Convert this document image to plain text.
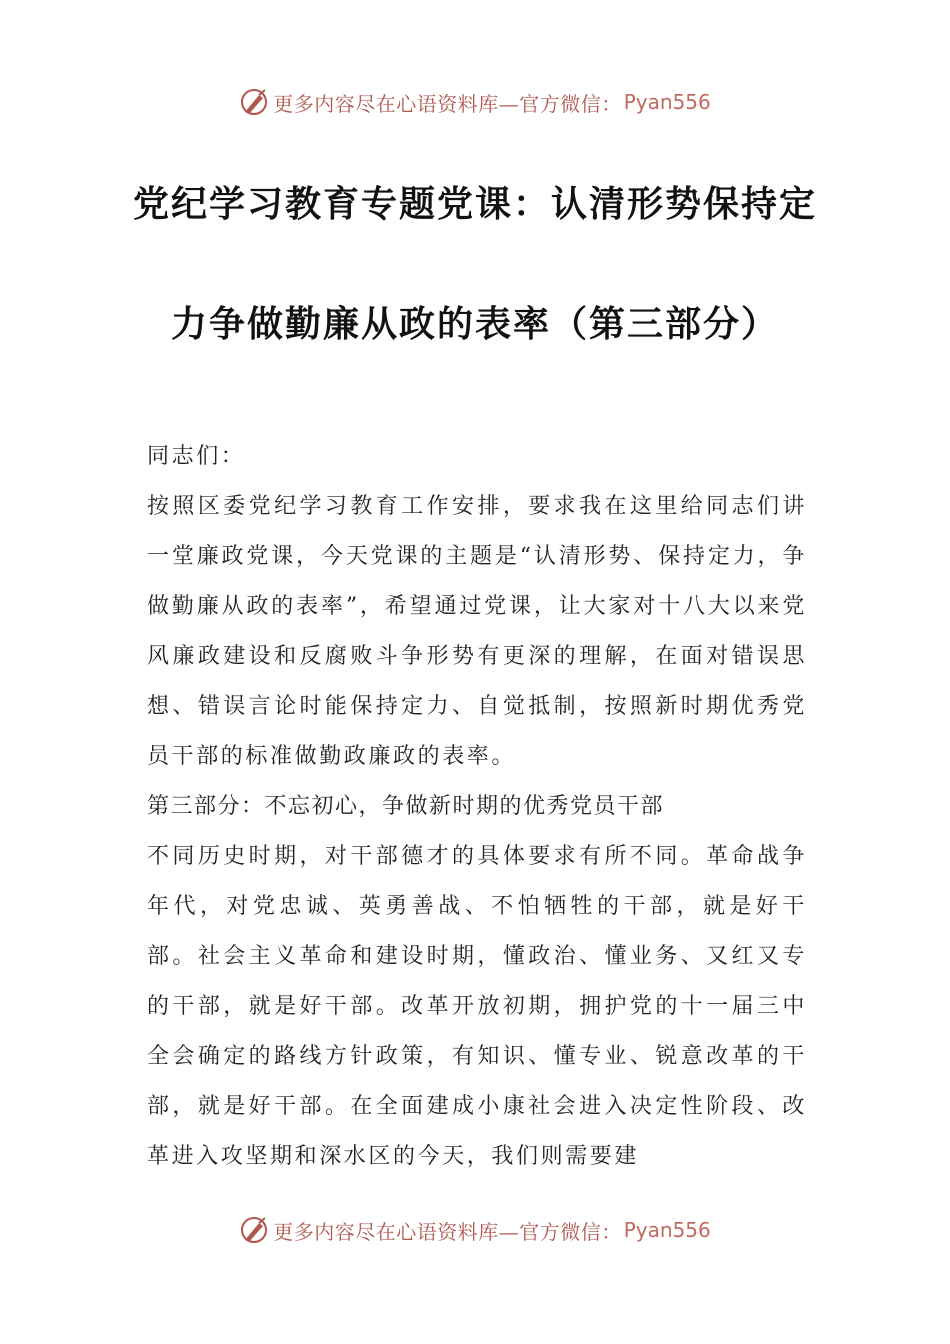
更多内容尽在心语资料库—官方微信： Pyan556
党纪学习教育专题党课：认清形势保持定
力争做勤廉从政的表率（第三部分）

同志们：

按照区委党纪学习教育工作安排，要求我在这里给同志们讲一堂廉政党课，今天党课的主题是“认清形势、保持定力，争做勤廉从政的表率”，希望通过党课，让大家对十八大以来党风廉政建设和反腐败斗争形势有更深的理解，在面对错误思想、错误言论时能保持定力、自觉抵制，按照新时期优秀党员干部的标准做勤政廉政的表率。

第三部分：不忘初心，争做新时期的优秀党员干部

不同历史时期，对干部德才的具体要求有所不同。革命战争年代，对党忠诚、英勇善战、不怕牺牲的干部，就是好干部。社会主义革命和建设时期，懂政治、懂业务、又红又专的干部，就是好干部。改革开放初期，拥护党的十一届三中全会确定的路线方针政策，有知识、懂专业、锐意改革的干部，就是好干部。在全面建成小康社会进入决定性阶段、改革进入攻坚期和深水区的今天，我们则需要建

更多内容尽在心语资料库—官方微信： Pyan556
